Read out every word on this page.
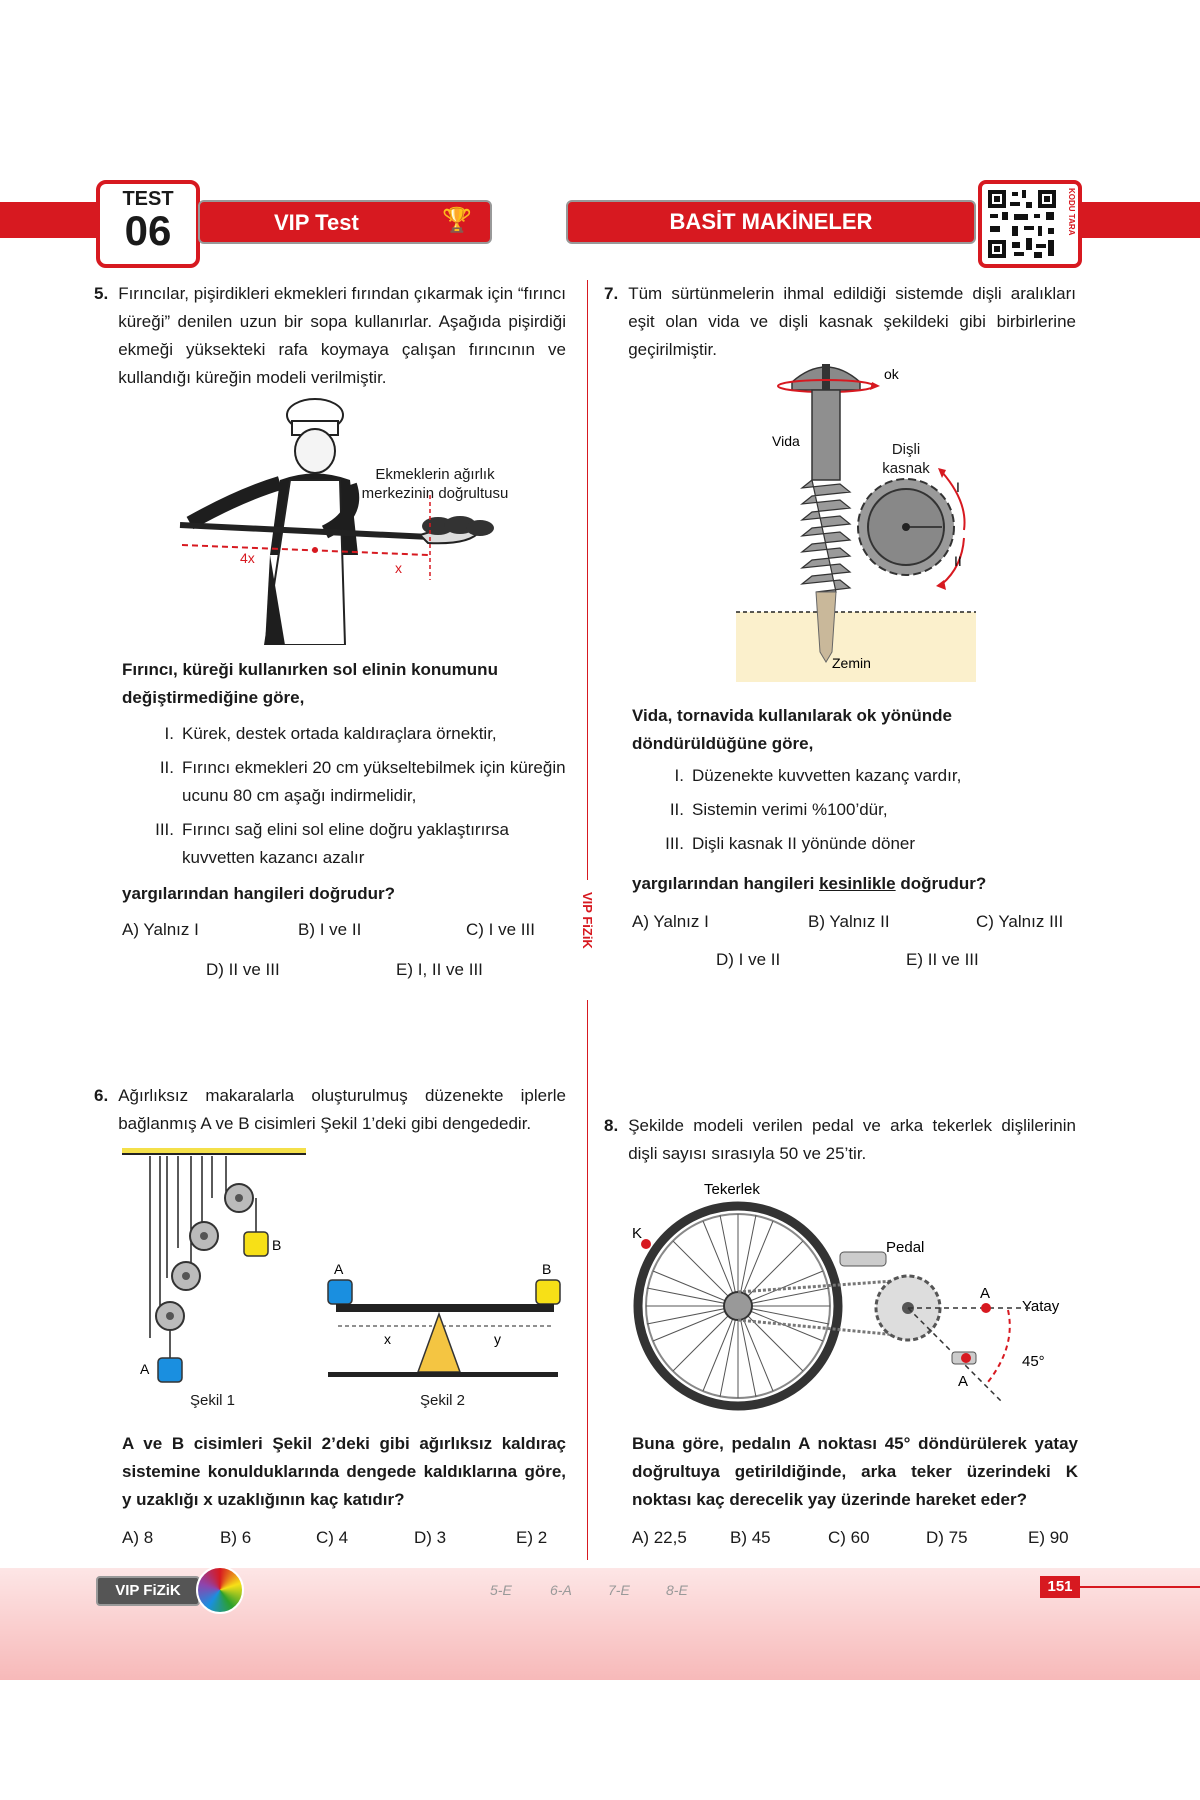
TEST
06	VIP Test	🏆	BASİT MAKİNELER	KODU TARA
VIP FiZiK
5. Fırıncılar, pişirdikleri ekmekleri fırından çıkarmak için “fırıncı küreği” denilen uzun bir sopa kullanırlar. Aşağıda pişirdiği ekmeği yüksekteki rafa koymaya çalışan fırıncının ve kullandığı küreğin modeli verilmiştir.
4x
x
Ekmeklerin ağırlık merkezinin doğrultusu
Fırıncı, küreği kullanırken sol elinin konumunu değiştirmediğine göre,
I. Kürek, destek ortada kaldıraçlara örnektir,
II. Fırıncı ekmekleri 20 cm yükseltebilmek için küreğin ucunu 80 cm aşağı indirmelidir,
III. Fırıncı sağ elini sol eline doğru yaklaştırırsa kuvvetten kazancı azalır
yargılarından hangileri doğrudur?
A) Yalnız I	B) I ve II	C) I ve III
D) II ve III	E) I, II ve III
6. Ağırlıksız makaralarla oluşturulmuş düzenekte iplerle bağlanmış A ve B cisimleri Şekil 1’deki gibi dengededir.
B
A
A	B
x	y
Şekil 1	Şekil 2
A ve B cisimleri Şekil 2’deki gibi ağırlıksız kaldıraç sistemine konulduklarında dengede kaldıklarına göre, y uzaklığı x uzaklığının kaç katıdır?
A) 8	B) 6	C) 4	D) 3	E) 2
7. Tüm sürtünmelerin ihmal edildiği sistemde dişli aralıkları eşit olan vida ve dişli kasnak şekildeki gibi birbirlerine geçirilmiştir.
ok
Vida
I
II
Zemin
Dişli kasnak
Vida, tornavida kullanılarak ok yönünde döndürüldüğüne göre,
I. Düzenekte kuvvetten kazanç vardır,
II. Sistemin verimi %100’dür,
III. Dişli kasnak II yönünde döner
yargılarından hangileri kesinlikle doğrudur?
A) Yalnız I	B) Yalnız II	C) Yalnız III
D) I ve II	E) II ve III
8. Şekilde modeli verilen pedal ve arka tekerlek dişlilerinin dişli sayısı sırasıyla 50 ve 25’tir.
Tekerlek
K
Pedal
Yatay
45°
A
A
Buna göre, pedalın A noktası 45° döndürülerek yatay doğrultuya getirildiğinde, arka teker üzerindeki K noktası kaç derecelik yay üzerinde hareket eder?
A) 22,5	B) 45	C) 60	D) 75	E) 90
VIP FiZiK	5-E	6-A	7-E	8-E	151
